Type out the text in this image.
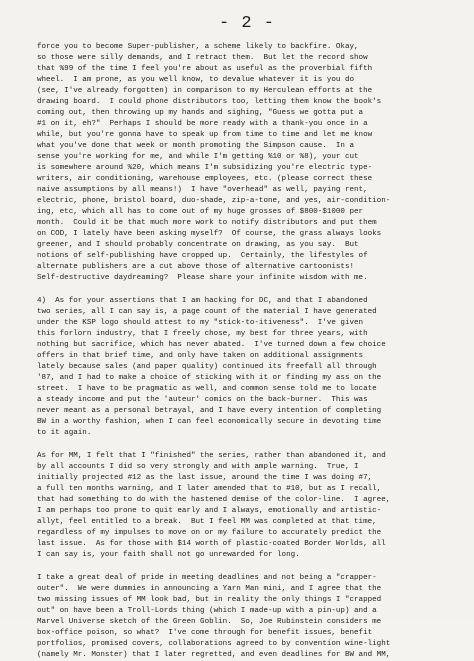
- 2 -
force you to become Super-publisher, a scheme likely to backfire. Okay,
so those were silly demands, and I retract them.  But let the record show
that %99 of the time I feel you're about as useful as the proverbial fifth
wheel.  I am prone, as you well know, to devalue whatever it is you do
(see, I've already forgotten) in comparison to my Herculean efforts at the
drawing board.  I could phone distributors too, letting them know the book's
coming out, then throwing up my hands and sighing, "Guess we gotta put a
#1 on it, eh?"  Perhaps I should be more ready with a thank-you once in a
while, but you're gonna have to speak up from time to time and let me know
what you've done that week or month promoting the Simpson cause.  In a
sense you're working for me, and while I'm getting %10 or %8), your cut
is somewhere around %20, which means I'm subsidizing you're electric type-
writers, air conditioning, warehouse employees, etc. (please correct these
naive assumptions by all means!)  I have "overhead" as well, paying rent,
electric, phone, bristol board, duo-shade, zip-a-tone, and yes, air-condition-
ing, etc, which all has to come out of my huge grosses of $800-$1000 per
month.  Could it be that much more work to notify distributors and put them
on COD, I lately have been asking myself?  Of course, the grass always looks
greener, and I should probably concentrate on drawing, as you say.  But
notions of self-publishing have cropped up.  Certainly, the lifestyles of
alternate publishers are a cut above those of alternative cartoonists!
Self-destructive daydreaming?  Please share your infinite wisdom with me.
4)  As for your assertions that I am hacking for DC, and that I abandoned
two series, all I can say is, a page count of the material I have generated
under the KSP logo should attest to my "stick-to-itiveness".  I've given
this forlorn industry, that I freely chose, my best for three years, with
nothing but sacrifice, which has never abated.  I've turned down a few choice
offers in that brief time, and only have taken on additional assignments
lately because sales (and paper quality) continued its freefall all through
'87, and I had to make a choice of sticking with it or finding my ass on the
street.  I have to be pragmatic as well, and common sense told me to locate
a steady income and put the 'auteur' comics on the back-burner.  This was
never meant as a personal betrayal, and I have every intention of completing
BW in a worthy fashion, when I can feel economically secure in devoting time
to it again.
As for MM, I felt that I "finished" the series, rather than abandoned it, and
by all accounts I did so very strongly and with ample warning.  True, I
initially projected #12 as the last issue, around the time I was doing #7,
a full ten months warning, and I later amended that to #10, but as I recall,
that had something to do with the hastened demise of the color-line.  I agree,
I am perhaps too prone to quit early and I always, emotionally and artistic-
allyt, feel entitled to a break.  But I feel MM was completed at that time,
regardless of my impulses to move on or my failure to accurately predict the
last issue.  As for those with $14 worth of plastic-coated Border Worlds, all
I can say is, your faith shall not go unrewarded for long.
I take a great deal of pride in meeting deadlines and not being a "crapper-
outer".  We were dummies in announcing a Yarn Man mini, and I agree that the
two missing issues of MM look bad, but in reality the only things I "crapped
out" on have been a Troll-Lords thing (which I made-up with a pin-up) and a
Marvel Universe sketch of the Green Goblin.  So, Joe Rubinstein considers me
box-office poison, so what?  I've come through for benefit issues, benefit
portfolios, promised covers, collaborations agreed to by convention wine-light
(namely Mr. Monster) that I later regretted, and even deadlines for BW and MM,
